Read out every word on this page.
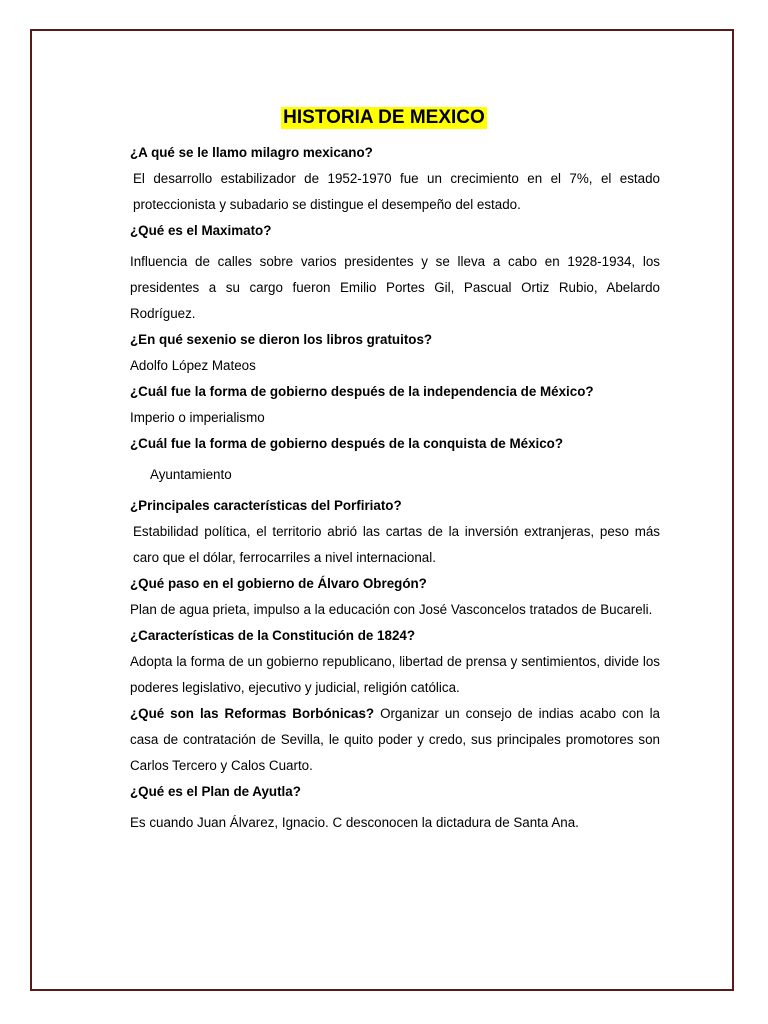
HISTORIA DE MEXICO

¿A qué se le llamo milagro mexicano?

El desarrollo estabilizador de 1952-1970 fue un crecimiento en el 7%, el estado proteccionista y subadario se distingue el desempeño del estado.

¿Qué es el Maximato?

Influencia de calles sobre varios presidentes y se lleva a cabo en 1928-1934, los presidentes a su cargo fueron Emilio Portes Gil, Pascual Ortiz Rubio, Abelardo Rodríguez.

¿En qué sexenio se dieron los libros gratuitos?

Adolfo López Mateos

¿Cuál fue la forma de gobierno después de la independencia de México?

Imperio o imperialismo

¿Cuál fue la forma de gobierno después de la conquista de México?

Ayuntamiento

¿Principales características del Porfiriato?

Estabilidad política, el territorio abrió las cartas de la inversión extranjeras, peso más caro que el dólar, ferrocarriles a nivel internacional.

¿Qué paso en el gobierno de Álvaro Obregón?

Plan de agua prieta, impulso a la educación con José Vasconcelos tratados de Bucareli.

¿Características de la Constitución de 1824?

Adopta la forma de un gobierno republicano, libertad de prensa y sentimientos, divide los poderes legislativo, ejecutivo y judicial, religión católica.

¿Qué son las Reformas Borbónicas? Organizar un consejo de indias acabo con la casa de contratación de Sevilla, le quito poder y credo, sus principales promotores son Carlos Tercero y Calos Cuarto.

¿Qué es el Plan de Ayutla?

Es cuando Juan Álvarez, Ignacio. C desconocen la dictadura de Santa Ana.
